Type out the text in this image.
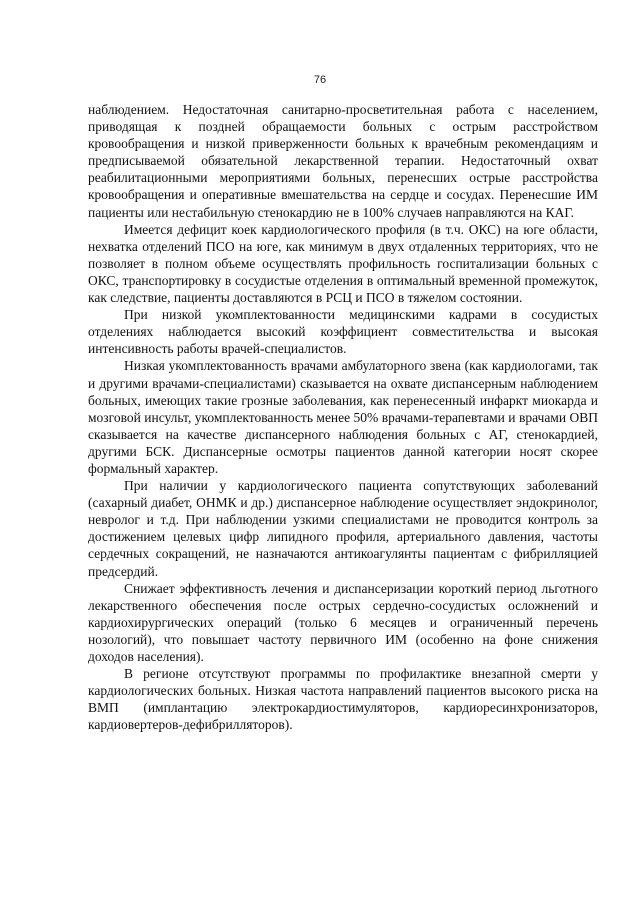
76

наблюдением. Недостаточная санитарно-просветительная работа с населением, приводящая к поздней обращаемости больных с острым расстройством кровообращения и низкой приверженности больных к врачебным рекомендациям и предписываемой обязательной лекарственной терапии. Недостаточный охват реабилитационными мероприятиями больных, перенесших острые расстройства кровообращения и оперативные вмешательства на сердце и сосудах. Перенесшие ИМ пациенты или нестабильную стенокардию не в 100% случаев направляются на КАГ.

Имеется дефицит коек кардиологического профиля (в т.ч. ОКС) на юге области, нехватка отделений ПСО на юге, как минимум в двух отдаленных территориях, что не позволяет в полном объеме осуществлять профильность госпитализации больных с ОКС, транспортировку в сосудистые отделения в оптимальный временной промежуток, как следствие, пациенты доставляются в РСЦ и ПСО в тяжелом состоянии.

При низкой укомплектованности медицинскими кадрами в сосудистых отделениях наблюдается высокий коэффициент совместительства и высокая интенсивность работы врачей-специалистов.

Низкая укомплектованность врачами амбулаторного звена (как кардиологами, так и другими врачами-специалистами) сказывается на охвате диспансерным наблюдением больных, имеющих такие грозные заболевания, как перенесенный инфаркт миокарда и мозговой инсульт, укомплектованность менее 50% врачами-терапевтами и врачами ОВП сказывается на качестве диспансерного наблюдения больных с АГ, стенокардией, другими БСК. Диспансерные осмотры пациентов данной категории носят скорее формальный характер.

При наличии у кардиологического пациента сопутствующих заболеваний (сахарный диабет, ОНМК и др.) диспансерное наблюдение осуществляет эндокринолог, невролог и т.д. При наблюдении узкими специалистами не проводится контроль за достижением целевых цифр липидного профиля, артериального давления, частоты сердечных сокращений, не назначаются антикоагулянты пациентам с фибрилляцией предсердий.

Снижает эффективность лечения и диспансеризации короткий период льготного лекарственного обеспечения после острых сердечно-сосудистых осложнений и кардиохирургических операций (только 6 месяцев и ограниченный перечень нозологий), что повышает частоту первичного ИМ (особенно на фоне снижения доходов населения).

В регионе отсутствуют программы по профилактике внезапной смерти у кардиологических больных. Низкая частота направлений пациентов высокого риска на ВМП (имплантацию электрокардиостимуляторов, кардиоресинхронизаторов, кардиовертеров-дефибрилляторов).
